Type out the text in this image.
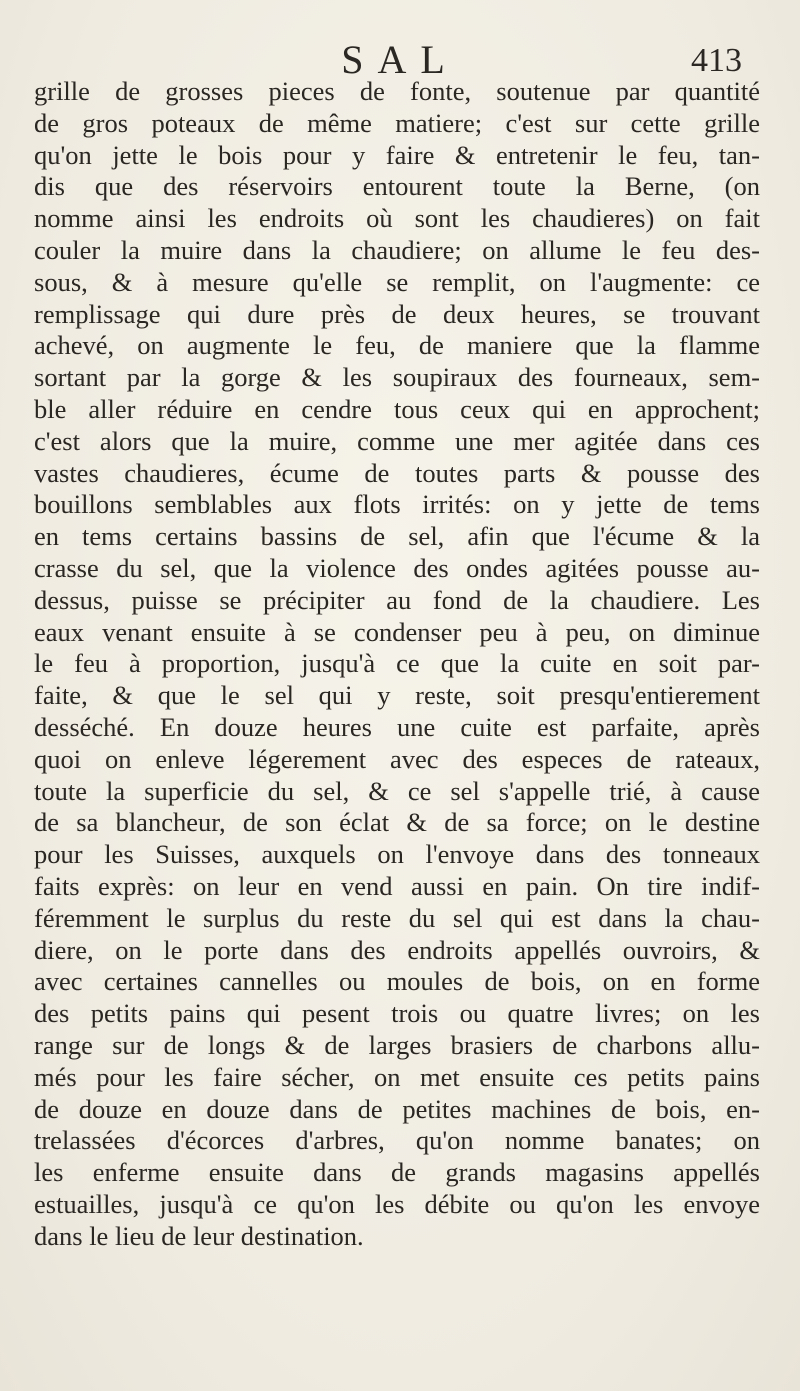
SAL	413
grille de grosses pieces de fonte, soutenue par quantité
de gros poteaux de même matiere; c'est sur cette grille
qu'on jette le bois pour y faire & entretenir le feu, tan-
dis que des réservoirs entourent toute la Berne, (on
nomme ainsi les endroits où sont les chaudieres) on fait
couler la muire dans la chaudiere; on allume le feu des-
sous, & à mesure qu'elle se remplit, on l'augmente: ce
remplissage qui dure près de deux heures, se trouvant
achevé, on augmente le feu, de maniere que la flamme
sortant par la gorge & les soupiraux des fourneaux, sem-
ble aller réduire en cendre tous ceux qui en approchent;
c'est alors que la muire, comme une mer agitée dans ces
vastes chaudieres, écume de toutes parts & pousse des
bouillons semblables aux flots irrités: on y jette de tems
en tems certains bassins de sel, afin que l'écume & la
crasse du sel, que la violence des ondes agitées pousse au-
dessus, puisse se précipiter au fond de la chaudiere. Les
eaux venant ensuite à se condenser peu à peu, on diminue
le feu à proportion, jusqu'à ce que la cuite en soit par-
faite, & que le sel qui y reste, soit presqu'entierement
desséché. En douze heures une cuite est parfaite, après
quoi on enleve légerement avec des especes de rateaux,
toute la superficie du sel, & ce sel s'appelle trié, à cause
de sa blancheur, de son éclat & de sa force; on le destine
pour les Suisses, auxquels on l'envoye dans des tonneaux
faits exprès: on leur en vend aussi en pain. On tire indif-
féremment le surplus du reste du sel qui est dans la chau-
diere, on le porte dans des endroits appellés ouvroirs, &
avec certaines cannelles ou moules de bois, on en forme
des petits pains qui pesent trois ou quatre livres; on les
range sur de longs & de larges brasiers de charbons allu-
més pour les faire sécher, on met ensuite ces petits pains
de douze en douze dans de petites machines de bois, en-
trelassées d'écorces d'arbres, qu'on nomme banates; on
les enferme ensuite dans de grands magasins appellés
estuailles, jusqu'à ce qu'on les débite ou qu'on les envoye
dans le lieu de leur destination.
